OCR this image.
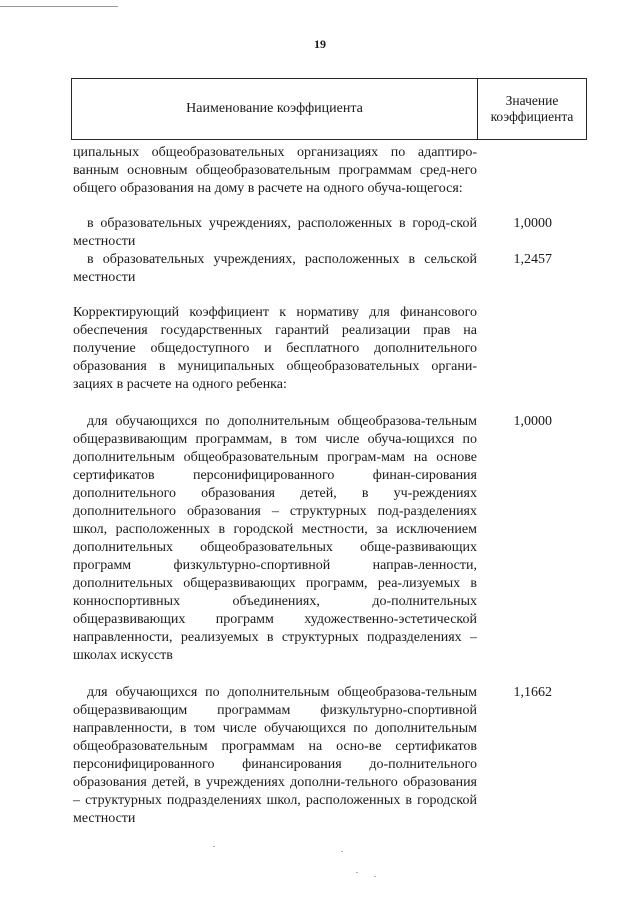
19
Наименование коэффициента
Значение коэффициента
ципальных общеобразовательных организациях по адаптиро-ванным основным общеобразовательным программам сред-него общего образования на дому в расчете на одного обуча-ющегося:
в образовательных учреждениях, расположенных в город-ской местности
1,0000
в образовательных учреждениях, расположенных в сельской местности
1,2457
Корректирующий коэффициент к нормативу для финансового обеспечения государственных гарантий реализации прав на получение общедоступного и бесплатного дополнительного образования в муниципальных общеобразовательных органи-зациях в расчете на одного ребенка:
для обучающихся по дополнительным общеобразова-тельным общеразвивающим программам, в том числе обуча-ющихся по дополнительным общеобразовательным програм-мам на основе сертификатов персонифицированного финан-сирования дополнительного образования детей, в уч-реждениях дополнительного образования – структурных под-разделениях школ, расположенных в городской местности, за исключением дополнительных общеобразовательных обще-развивающих программ физкультурно-спортивной направ-ленности, дополнительных общеразвивающих программ, реа-лизуемых в конноспортивных объединениях, до-полнительных общеразвивающих программ художественно-эстетической направленности, реализуемых в структурных подразделениях – школах искусств
1,0000
для обучающихся по дополнительным общеобразова-тельным общеразвивающим программам физкультурно-спортивной направленности, в том числе обучающихся по дополнительным общеобразовательным программам на осно-ве сертификатов персонифицированного финансирования до-полнительного образования детей, в учреждениях дополни-тельного образования – структурных подразделениях школ, расположенных в городской местности
1,1662
